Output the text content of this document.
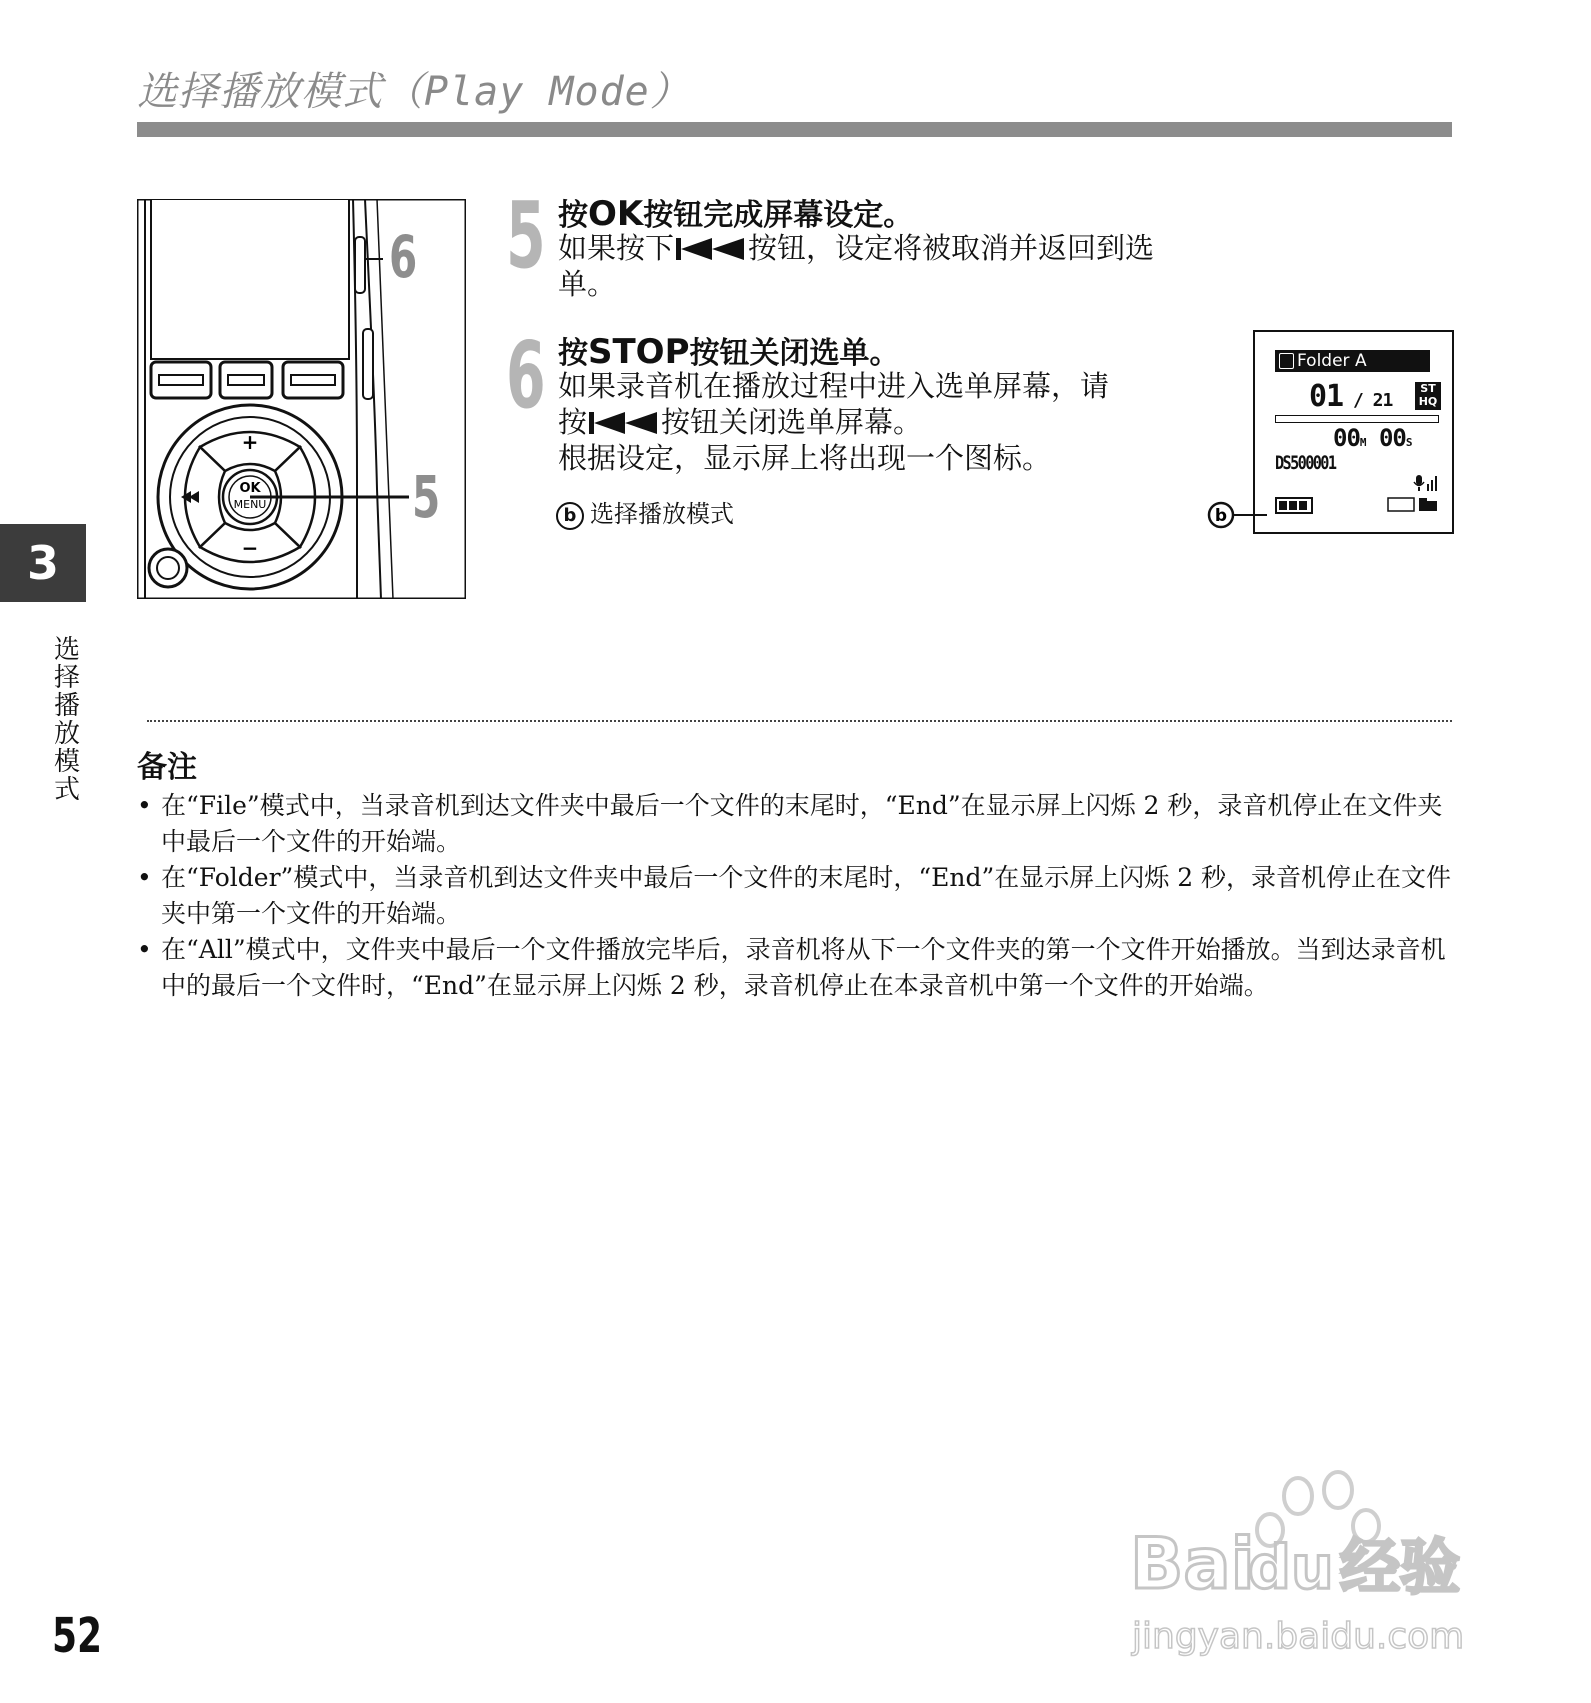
选择播放模式（Play Mode）
OK
MENU
+
−
6
5
5 按OK按钮完成屏幕设定。
如果按下	按钮，设定将被取消并返回到选单。
6 按STOP按钮关闭选单。
如果录音机在播放过程中进入选单屏幕，请
按	按钮关闭选单屏幕。
根据设定，显示屏上将出现一个图标。
b 选择播放模式
Folder A
01 / 21
ST
HQ
00M 00S
DS500001
b
备注
• 在“File”模式中，当录音机到达文件夹中最后一个文件的末尾时，“End”在显示屏上闪烁 2 秒，录音机停止在文件夹中最后一个文件的开始端。
• 在“Folder”模式中，当录音机到达文件夹中最后一个文件的末尾时，“End”在显示屏上闪烁 2 秒，录音机停止在文件夹中第一个文件的开始端。
• 在“All”模式中，文件夹中最后一个文件播放完毕后，录音机将从下一个文件夹的第一个文件开始播放。当到达录音机中的最后一个文件时，“End”在显示屏上闪烁 2 秒，录音机停止在本录音机中第一个文件的开始端。
3
选择播放模式
52
Bai
du 经验
jingyan.baidu.com
